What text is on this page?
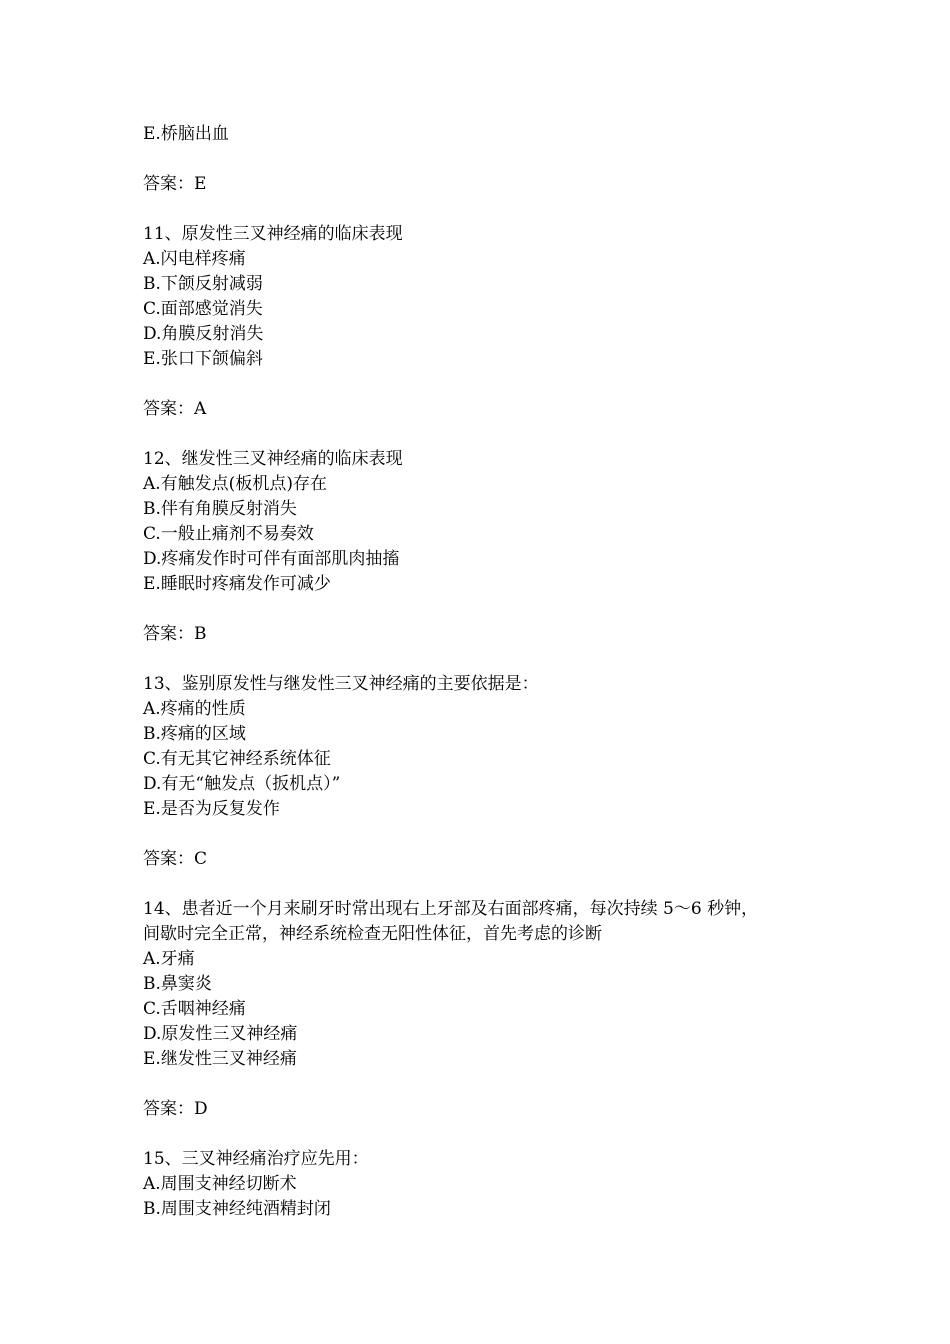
E.桥脑出血
答案：E
11、原发性三叉神经痛的临床表现
A.闪电样疼痛
B.下颌反射减弱
C.面部感觉消失
D.角膜反射消失
E.张口下颌偏斜
答案：A
12、继发性三叉神经痛的临床表现
A.有触发点(板机点)存在
B.伴有角膜反射消失
C.一般止痛剂不易奏效
D.疼痛发作时可伴有面部肌肉抽搐
E.睡眠时疼痛发作可减少
答案：B
13、鉴别原发性与继发性三叉神经痛的主要依据是：
A.疼痛的性质
B.疼痛的区域
C.有无其它神经系统体征
D.有无“触发点（扳机点）”
E.是否为反复发作
答案：C
14、患者近一个月来刷牙时常出现右上牙部及右面部疼痛，每次持续 5～6 秒钟，
间歇时完全正常，神经系统检查无阳性体征，首先考虑的诊断
A.牙痛
B.鼻窦炎
C.舌咽神经痛
D.原发性三叉神经痛
E.继发性三叉神经痛
答案：D
15、三叉神经痛治疗应先用：
A.周围支神经切断术
B.周围支神经纯酒精封闭
